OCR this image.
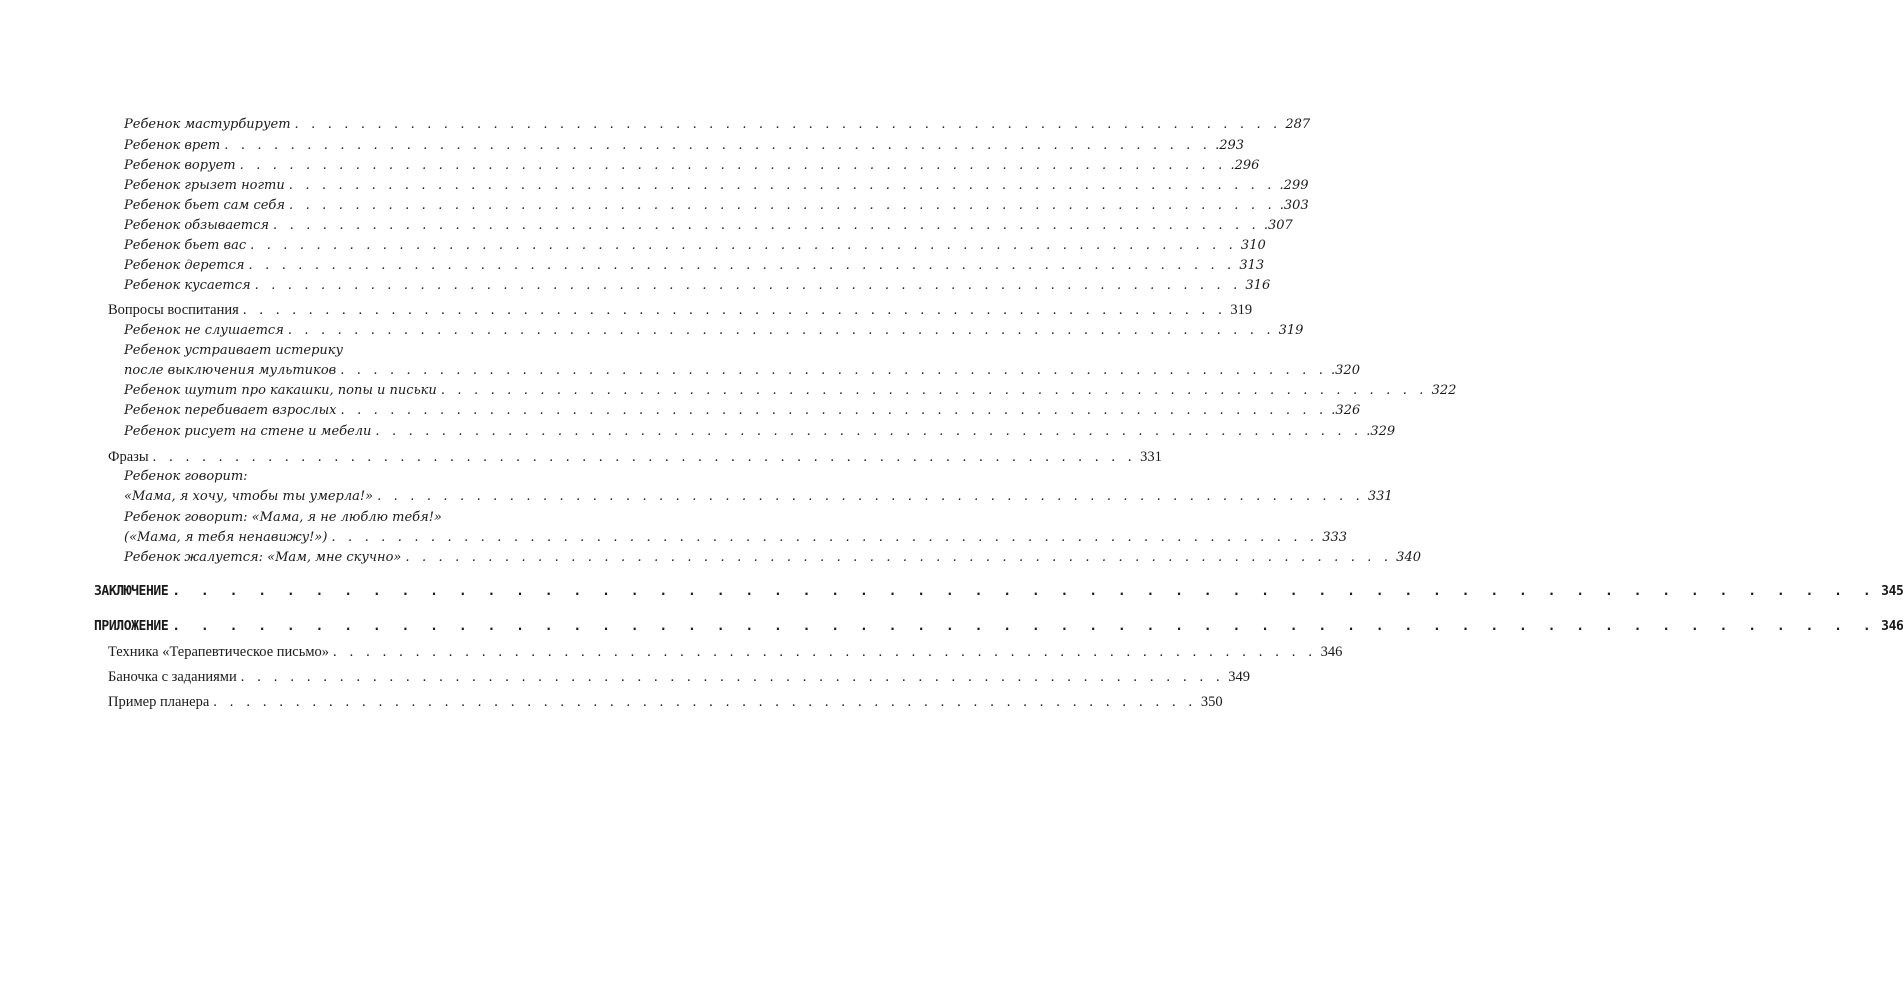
Ребенок мастурбирует . . . . . . . . . . . . . . . . . . . . . . . . . . . . . . . . . . . . . . . . . . . . . . . . . . . . . . . . . . . . 287
Ребенок врет . . . . . . . . . . . . . . . . . . . . . . . . . . . . . . . . . . . . . . . . . . . . . . . . . . . . . . . . . . . . .293
Ребенок ворует . . . . . . . . . . . . . . . . . . . . . . . . . . . . . . . . . . . . . . . . . . . . . . . . . . . . . . . . . . . . .296
Ребенок грызет ногти . . . . . . . . . . . . . . . . . . . . . . . . . . . . . . . . . . . . . . . . . . . . . . . . . . . . . . . . . . . . .299
Ребенок бьет сам себя . . . . . . . . . . . . . . . . . . . . . . . . . . . . . . . . . . . . . . . . . . . . . . . . . . . . . . . . . . . . .303
Ребенок обзывается . . . . . . . . . . . . . . . . . . . . . . . . . . . . . . . . . . . . . . . . . . . . . . . . . . . . . . . . . . . . .307
Ребенок бьет вас . . . . . . . . . . . . . . . . . . . . . . . . . . . . . . . . . . . . . . . . . . . . . . . . . . . . . . . . . . . . 310
Ребенок дерется . . . . . . . . . . . . . . . . . . . . . . . . . . . . . . . . . . . . . . . . . . . . . . . . . . . . . . . . . . . . 313
Ребенок кусается . . . . . . . . . . . . . . . . . . . . . . . . . . . . . . . . . . . . . . . . . . . . . . . . . . . . . . . . . . . . 316
Вопросы воспитания . . . . . . . . . . . . . . . . . . . . . . . . . . . . . . . . . . . . . . . . . . . . . . . . . . . . . . . . . . . . 319
Ребенок не слушается . . . . . . . . . . . . . . . . . . . . . . . . . . . . . . . . . . . . . . . . . . . . . . . . . . . . . . . . . . . . 319
Ребенок устраивает истерику
после выключения мультиков . . . . . . . . . . . . . . . . . . . . . . . . . . . . . . . . . . . . . . . . . . . . . . . . . . . . . . . . . . . . .320
Ребенок шутит про какашки, попы и письки . . . . . . . . . . . . . . . . . . . . . . . . . . . . . . . . . . . . . . . . . . . . . . . . . . . . . . . . . . . . 322
Ребенок перебивает взрослых . . . . . . . . . . . . . . . . . . . . . . . . . . . . . . . . . . . . . . . . . . . . . . . . . . . . . . . . . . . . .326
Ребенок рисует на стене и мебели . . . . . . . . . . . . . . . . . . . . . . . . . . . . . . . . . . . . . . . . . . . . . . . . . . . . . . . . . . . . .329
Фразы . . . . . . . . . . . . . . . . . . . . . . . . . . . . . . . . . . . . . . . . . . . . . . . . . . . . . . . . . . . . 331
Ребенок говорит:
«Мама, я хочу, чтобы ты умерла!» . . . . . . . . . . . . . . . . . . . . . . . . . . . . . . . . . . . . . . . . . . . . . . . . . . . . . . . . . . . . 331
Ребенок говорит: «Мама, я не люблю тебя!»
(«Мама, я тебя ненавижу!») . . . . . . . . . . . . . . . . . . . . . . . . . . . . . . . . . . . . . . . . . . . . . . . . . . . . . . . . . . . . 333
Ребенок жалуется: «Мам, мне скучно» . . . . . . . . . . . . . . . . . . . . . . . . . . . . . . . . . . . . . . . . . . . . . . . . . . . . . . . . . . . . 340
ЗАКЛЮЧЕНИЕ . . . . . . . . . . . . . . . . . . . . . . . . . . . . . . . . . . . . . . . . . . . . . . . . . . . . . . . . . . . . 345
ПРИЛОЖЕНИЕ . . . . . . . . . . . . . . . . . . . . . . . . . . . . . . . . . . . . . . . . . . . . . . . . . . . . . . . . . . . . 346
Техника «Терапевтическое письмо» . . . . . . . . . . . . . . . . . . . . . . . . . . . . . . . . . . . . . . . . . . . . . . . . . . . . . . . . . . . . 346
Баночка с заданиями . . . . . . . . . . . . . . . . . . . . . . . . . . . . . . . . . . . . . . . . . . . . . . . . . . . . . . . . . . . . 349
Пример планера . . . . . . . . . . . . . . . . . . . . . . . . . . . . . . . . . . . . . . . . . . . . . . . . . . . . . . . . . . . . 350
